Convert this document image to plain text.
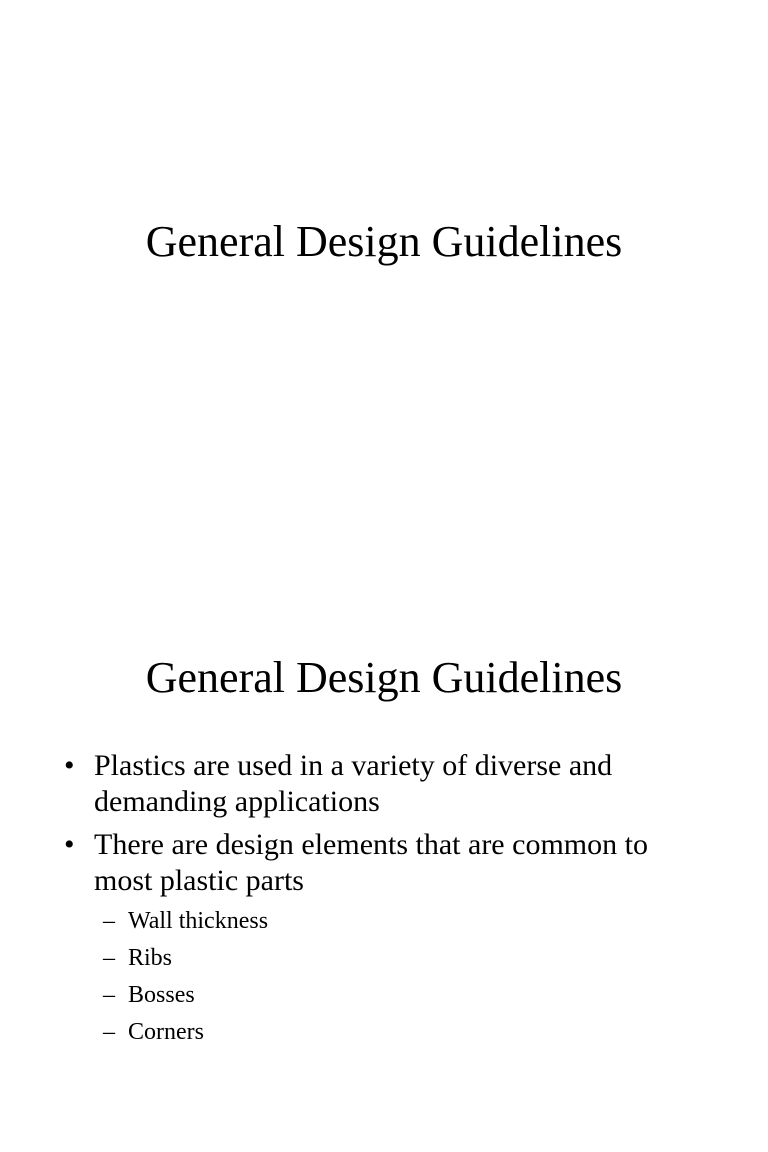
General Design Guidelines
General Design Guidelines
• Plastics are used in a variety of diverse and demanding applications
• There are design elements that are common to most plastic parts
– Wall thickness
– Ribs
– Bosses
– Corners
